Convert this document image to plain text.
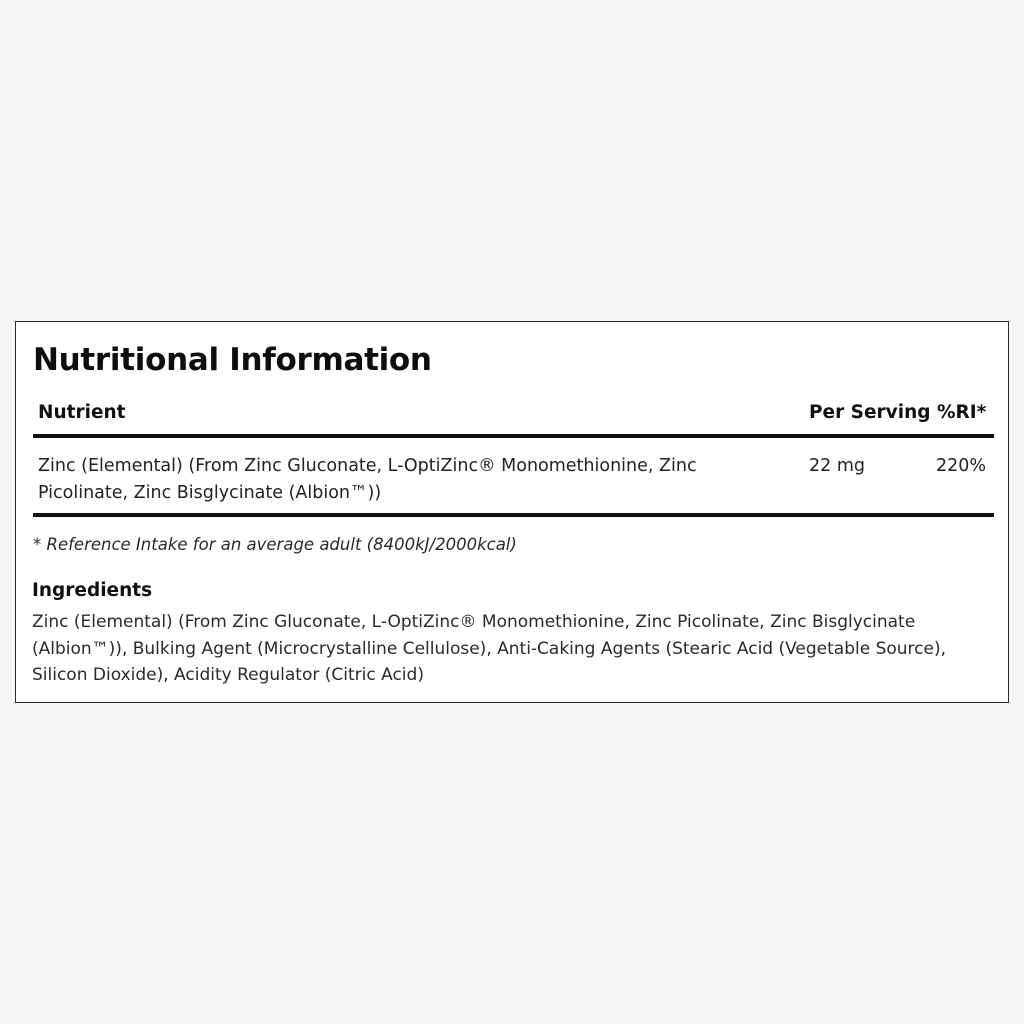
Nutritional Information
Nutrient	Per Serving %RI*
Zinc (Elemental) (From Zinc Gluconate, L-OptiZinc® Monomethionine, Zinc Picolinate, Zinc Bisglycinate (Albion™))
22 mg	220%
* Reference Intake for an average adult (8400kJ/2000kcal)
Ingredients
Zinc (Elemental) (From Zinc Gluconate, L-OptiZinc® Monomethionine, Zinc Picolinate, Zinc Bisglycinate (Albion™)), Bulking Agent (Microcrystalline Cellulose), Anti-Caking Agents (Stearic Acid (Vegetable Source), Silicon Dioxide), Acidity Regulator (Citric Acid)
